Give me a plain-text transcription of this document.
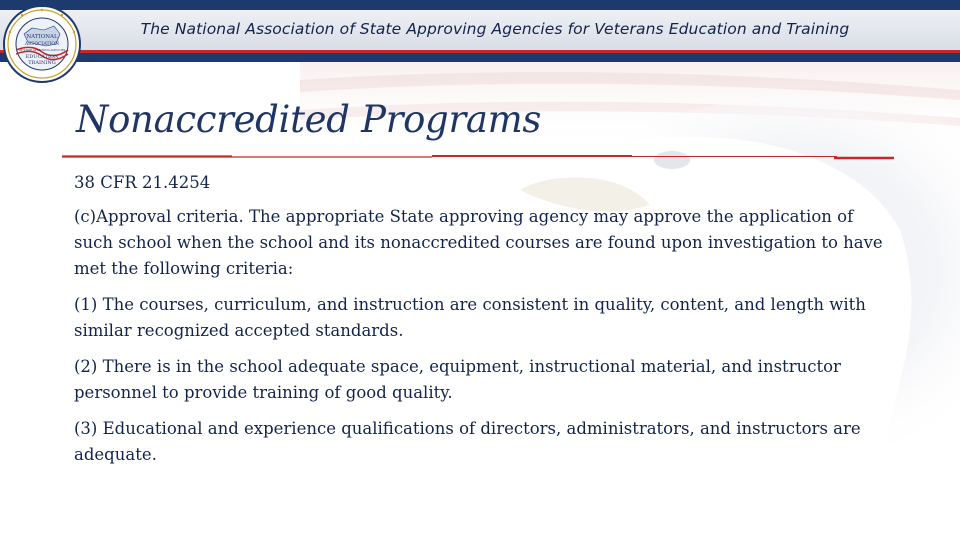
The National Association of State Approving Agencies for Veterans Education and Training
NATIONAL
ASSOCIATION
OF STATE APPROVING AGENCIES
EDUCATION
TRAINING
Nonaccredited Programs

38 CFR 21.4254

(c)Approval criteria. The appropriate State approving agency may approve the application of such school when the school and its nonaccredited courses are found upon investigation to have met the following criteria:

(1) The courses, curriculum, and instruction are consistent in quality, content, and length with similar recognized accepted standards.

(2) There is in the school adequate space, equipment, instructional material, and instructor personnel to provide training of good quality.

(3) Educational and experience qualifications of directors, administrators, and instructors are adequate.
